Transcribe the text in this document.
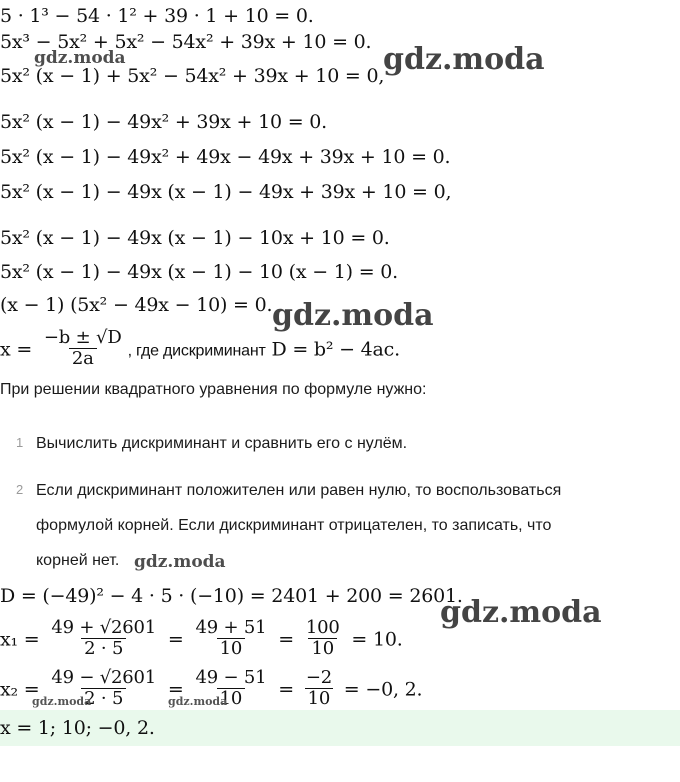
5 · 1³ − 54 · 1² + 39 · 1 + 10 = 0.
5x³ − 5x² + 5x² − 54x² + 39x + 10 = 0.
5x² (x − 1) + 5x² − 54x² + 39x + 10 = 0,
5x² (x − 1) − 49x² + 39x + 10 = 0.
5x² (x − 1) − 49x² + 49x − 49x + 39x + 10 = 0.
5x² (x − 1) − 49x (x − 1) − 49x + 39x + 10 = 0,
5x² (x − 1) − 49x (x − 1) − 10x + 10 = 0.
5x² (x − 1) − 49x (x − 1) − 10 (x − 1) = 0.
(x − 1) (5x² − 49x − 10) = 0.
$x = \frac{-b \pm √D}{2a}$ , где дискриминант D = b² − 4ac.
При решении квадратного уравнения по формуле нужно:
1 Вычислить дискриминант и сравнить его с нулём.
2 Если дискриминант положителен или равен нулю, то воспользоваться
формулой корней. Если дискриминант отрицателен, то записать, что
корней нет.
D = (−49)² − 4 · 5 · (−10) = 2401 + 200 = 2601.
$x_1 = \frac{49 + √2601}{2 \cdot 5} = \frac{49 + 51}{10} = \frac{100}{10} = 10$.
$x_2 = \frac{49 - √2601}{2 \cdot 5} = \frac{49 - 51}{10} = \frac{-2}{10} = -0$, 2.
x = 1; 10; −0, 2.
gdz.moda
gdz.moda
gdz.moda
gdz.moda
gdz.moda
gdz.moda	gdz.moda
